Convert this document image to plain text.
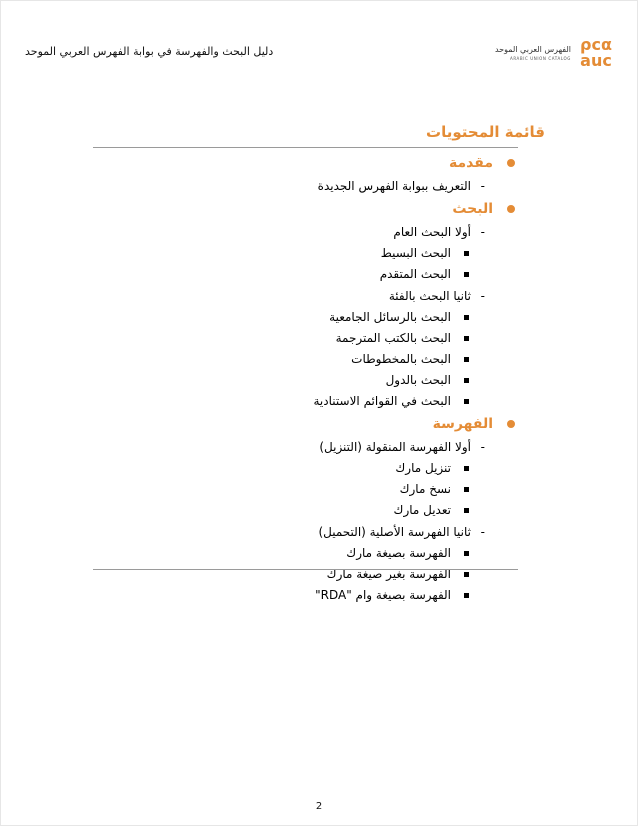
دليل البحث والفهرسة في بوابة الفهرس العربي الموحد	ρcα
auc
الفهرس العربي الموحد
ARABIC UNION CATALOG
قائمة المحتويات
مقدمة
-
التعريف ببوابة الفهرس الجديدة
البحث
-
أولا البحث العام
البحث البسيط
البحث المتقدم
-
ثانيا البحث بالفئة
البحث بالرسائل الجامعية
البحث بالكتب المترجمة
البحث بالمخطوطات
البحث بالدول
البحث في القوائم الاستنادية
الفهرسة
-
أولا الفهرسة المنقولة (التنزيل)
تنزيل مارك
نسخ مارك
تعديل مارك
-
ثانيا الفهرسة الأصلية (التحميل)
الفهرسة بصيغة مارك
الفهرسة بغير صيغة مارك
الفهرسة بصيغة وام "RDA"
2
